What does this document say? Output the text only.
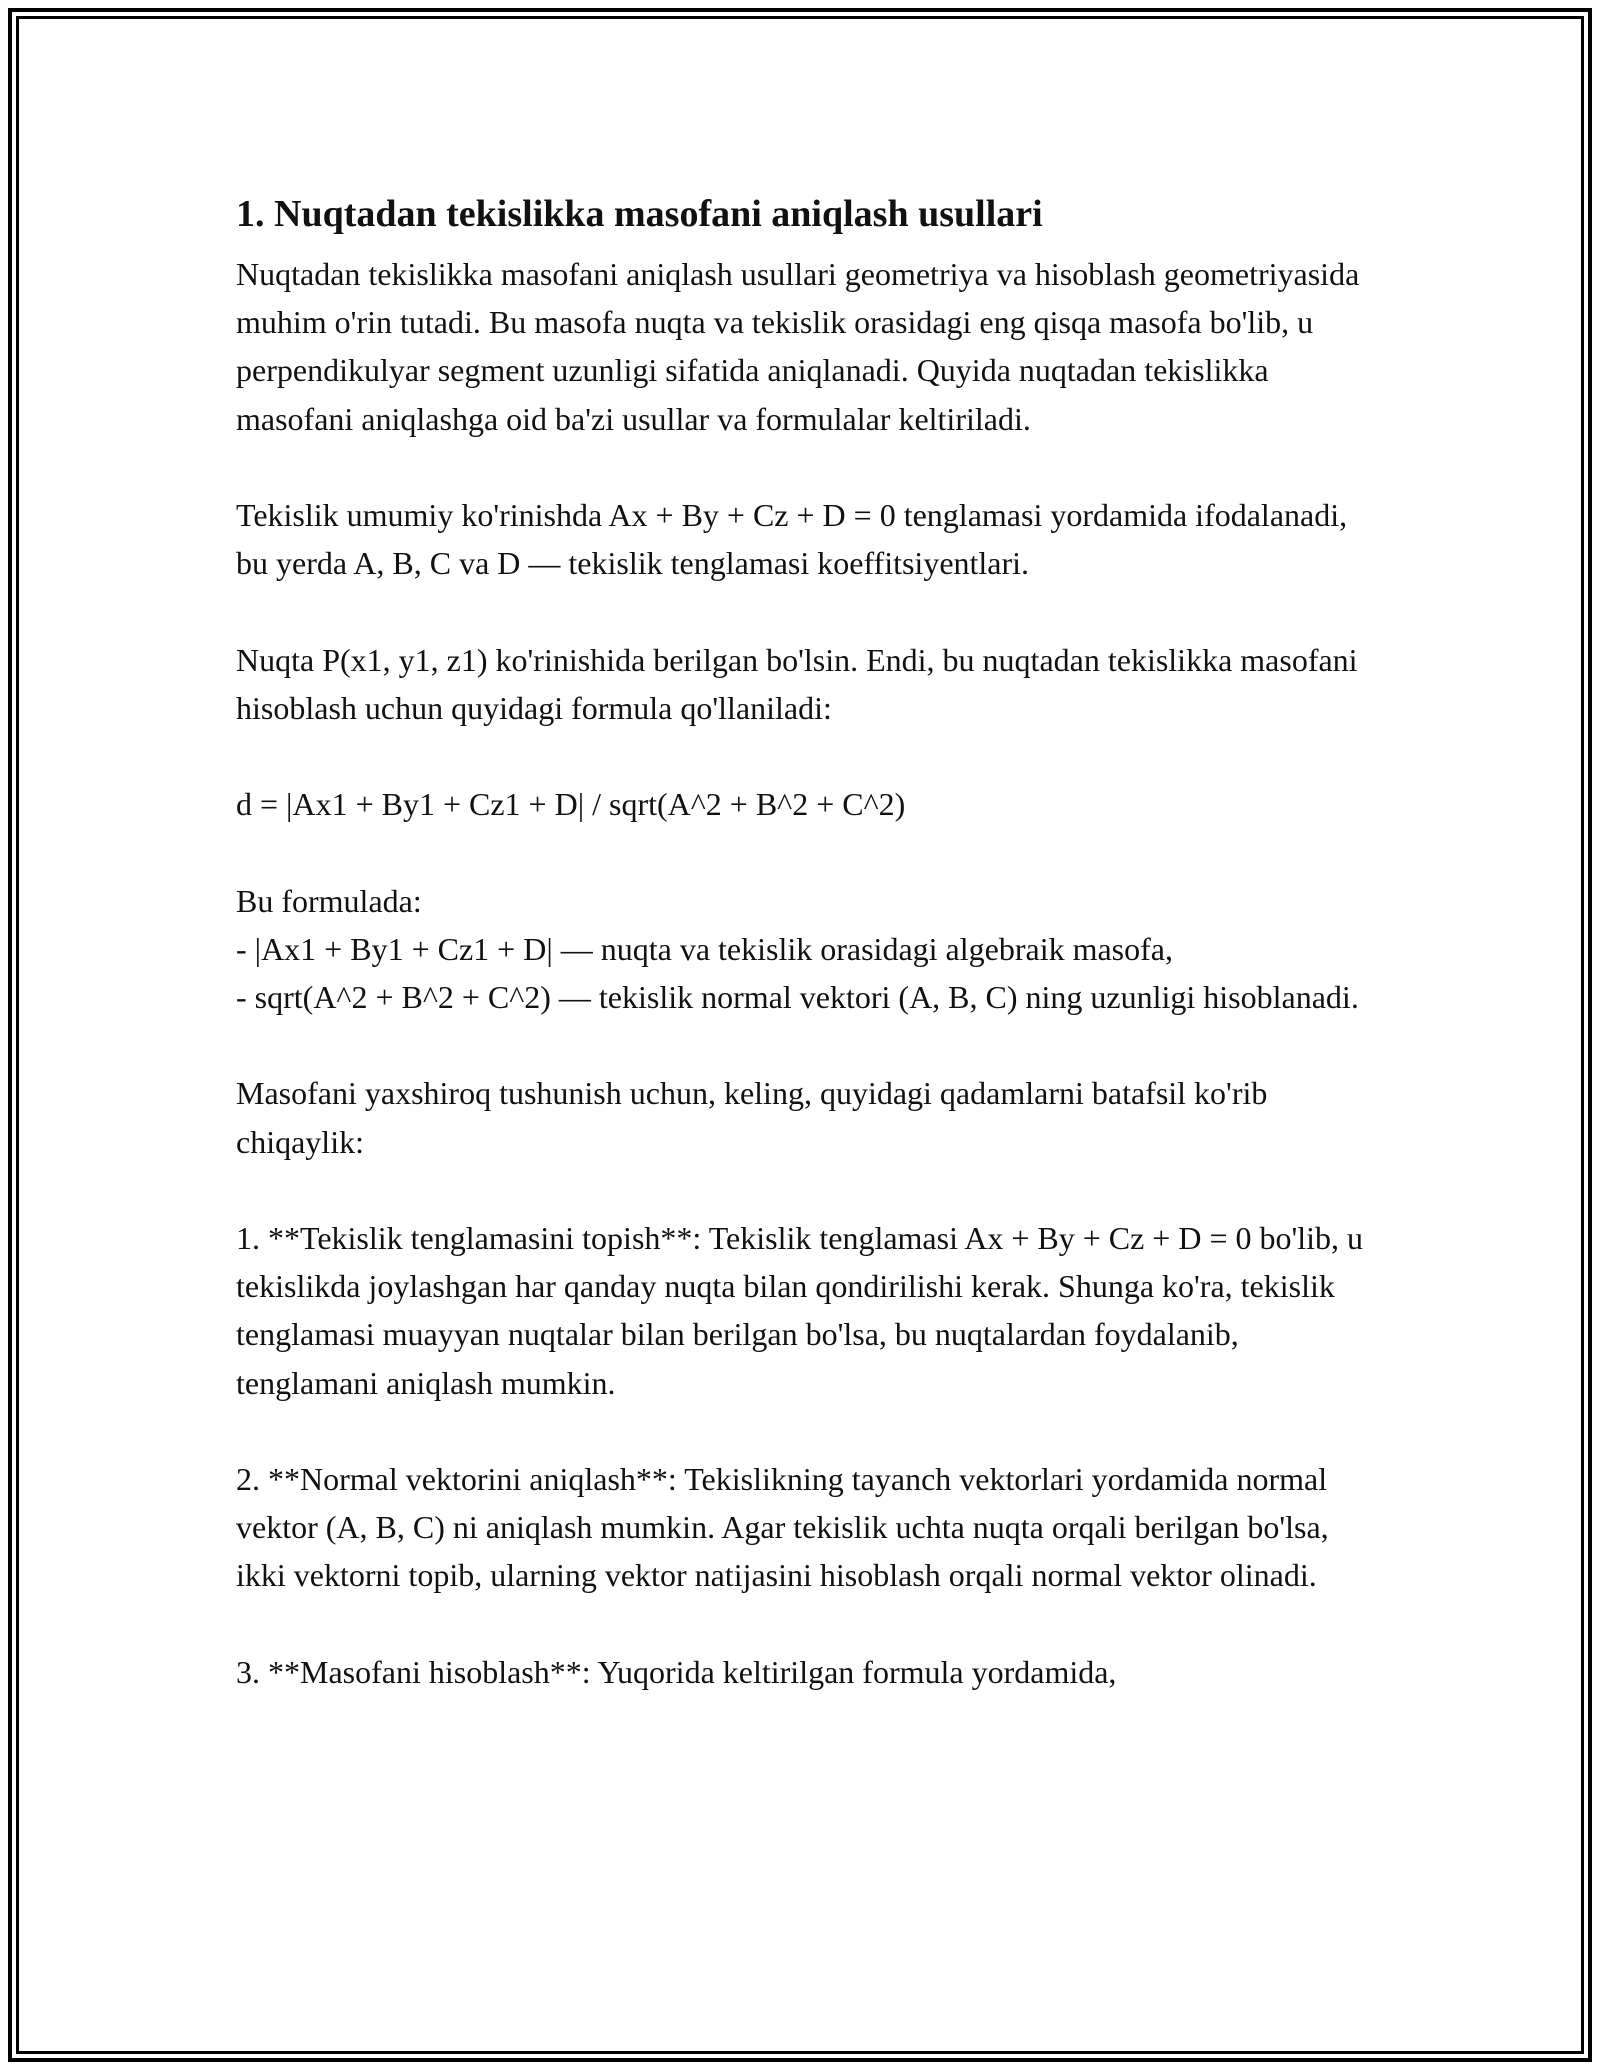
1. Nuqtadan tekislikka masofani aniqlash usullari

Nuqtadan tekislikka masofani aniqlash usullari geometriya va hisoblash geometriyasida muhim o'rin tutadi. Bu masofa nuqta va tekislik orasidagi eng qisqa masofa bo'lib, u perpendikulyar segment uzunligi sifatida aniqlanadi. Quyida nuqtadan tekislikka masofani aniqlashga oid ba'zi usullar va formulalar keltiriladi.

Tekislik umumiy ko'rinishda Ax + By + Cz + D = 0 tenglamasi yordamida ifodalanadi, bu yerda A, B, C va D — tekislik tenglamasi koeffitsiyentlari.

Nuqta P(x1, y1, z1) ko'rinishida berilgan bo'lsin. Endi, bu nuqtadan tekislikka masofani hisoblash uchun quyidagi formula qo'llaniladi:

d = |Ax1 + By1 + Cz1 + D| / sqrt(A^2 + B^2 + C^2)

Bu formulada:
- |Ax1 + By1 + Cz1 + D| — nuqta va tekislik orasidagi algebraik masofa,
- sqrt(A^2 + B^2 + C^2) — tekislik normal vektori (A, B, C) ning uzunligi hisoblanadi.

Masofani yaxshiroq tushunish uchun, keling, quyidagi qadamlarni batafsil ko'rib chiqaylik:

1. **Tekislik tenglamasini topish**: Tekislik tenglamasi Ax + By + Cz + D = 0 bo'lib, u tekislikda joylashgan har qanday nuqta bilan qondirilishi kerak. Shunga ko'ra, tekislik tenglamasi muayyan nuqtalar bilan berilgan bo'lsa, bu nuqtalardan foydalanib, tenglamani aniqlash mumkin.

2. **Normal vektorini aniqlash**: Tekislikning tayanch vektorlari yordamida normal vektor (A, B, C) ni aniqlash mumkin. Agar tekislik uchta nuqta orqali berilgan bo'lsa, ikki vektorni topib, ularning vektor natijasini hisoblash orqali normal vektor olinadi.

3. **Masofani hisoblash**: Yuqorida keltirilgan formula yordamida,
